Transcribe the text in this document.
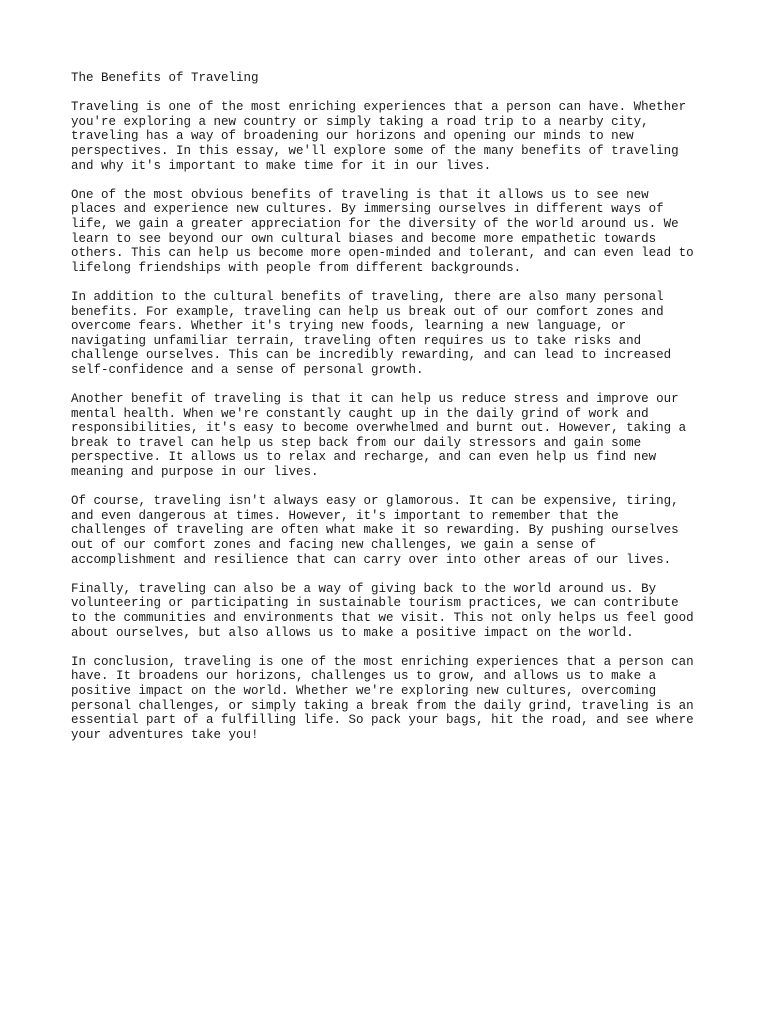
The Benefits of Traveling

Traveling is one of the most enriching experiences that a person can have. Whether
you're exploring a new country or simply taking a road trip to a nearby city,
traveling has a way of broadening our horizons and opening our minds to new
perspectives. In this essay, we'll explore some of the many benefits of traveling
and why it's important to make time for it in our lives.

One of the most obvious benefits of traveling is that it allows us to see new
places and experience new cultures. By immersing ourselves in different ways of
life, we gain a greater appreciation for the diversity of the world around us. We
learn to see beyond our own cultural biases and become more empathetic towards
others. This can help us become more open-minded and tolerant, and can even lead to
lifelong friendships with people from different backgrounds.

In addition to the cultural benefits of traveling, there are also many personal
benefits. For example, traveling can help us break out of our comfort zones and
overcome fears. Whether it's trying new foods, learning a new language, or
navigating unfamiliar terrain, traveling often requires us to take risks and
challenge ourselves. This can be incredibly rewarding, and can lead to increased
self-confidence and a sense of personal growth.

Another benefit of traveling is that it can help us reduce stress and improve our
mental health. When we're constantly caught up in the daily grind of work and
responsibilities, it's easy to become overwhelmed and burnt out. However, taking a
break to travel can help us step back from our daily stressors and gain some
perspective. It allows us to relax and recharge, and can even help us find new
meaning and purpose in our lives.

Of course, traveling isn't always easy or glamorous. It can be expensive, tiring,
and even dangerous at times. However, it's important to remember that the
challenges of traveling are often what make it so rewarding. By pushing ourselves
out of our comfort zones and facing new challenges, we gain a sense of
accomplishment and resilience that can carry over into other areas of our lives.

Finally, traveling can also be a way of giving back to the world around us. By
volunteering or participating in sustainable tourism practices, we can contribute
to the communities and environments that we visit. This not only helps us feel good
about ourselves, but also allows us to make a positive impact on the world.

In conclusion, traveling is one of the most enriching experiences that a person can
have. It broadens our horizons, challenges us to grow, and allows us to make a
positive impact on the world. Whether we're exploring new cultures, overcoming
personal challenges, or simply taking a break from the daily grind, traveling is an
essential part of a fulfilling life. So pack your bags, hit the road, and see where
your adventures take you!
